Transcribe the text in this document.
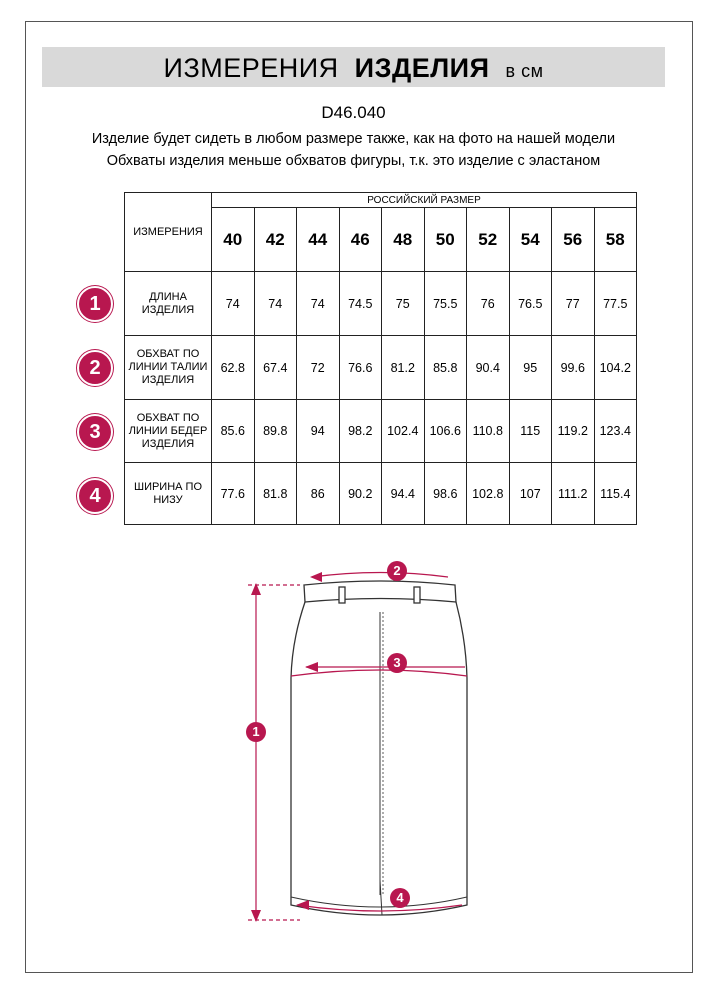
ИЗМЕРЕНИЯ ИЗДЕЛИЯ в см
D46.040
Изделие будет сидеть в любом размере также, как на фото на нашей модели
Обхваты изделия меньше обхватов фигуры, т.к. это изделие с эластаном
ИЗМЕРЕНИЯ	РОССИЙСКИЙ РАЗМЕР									
	40	42	44	46	48	50	52	54	56	58
ДЛИНА ИЗДЕЛИЯ	74	74	74	74.5	75	75.5	76	76.5	77	77.5
ОБХВАТ ПО ЛИНИИ ТАЛИИ ИЗДЕЛИЯ	62.8	67.4	72	76.6	81.2	85.8	90.4	95	99.6	104.2
ОБХВАТ ПО ЛИНИИ БЕДЕР ИЗДЕЛИЯ	85.6	89.8	94	98.2	102.4	106.6	110.8	115	119.2	123.4
ШИРИНА ПО НИЗУ	77.6	81.8	86	90.2	94.4	98.6	102.8	107	111.2	115.4
1
2
3
4
2
3
1
4
